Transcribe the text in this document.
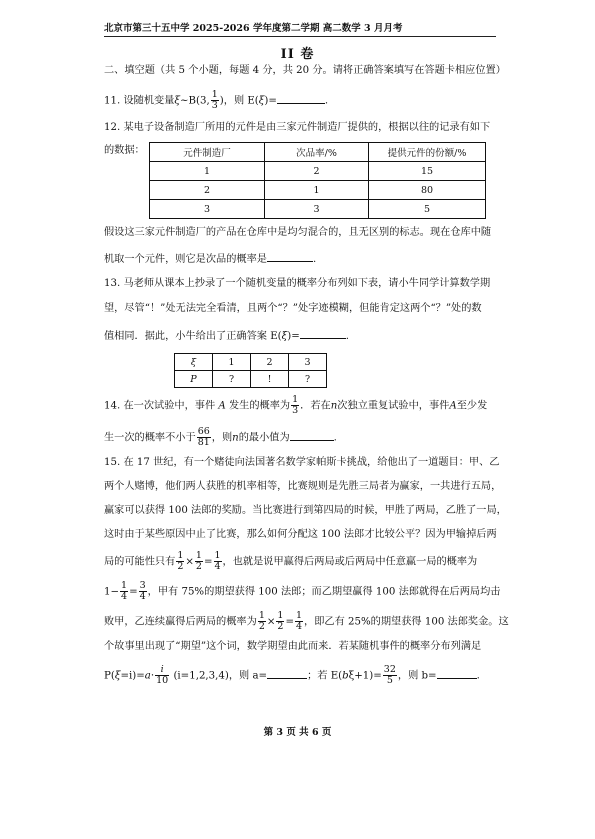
北京市第三十五中学 2025-2026 学年度第二学期 高二数学 3 月月考
II 卷
二、填空题（共 5 个小题，每题 4 分，共 20 分。请将正确答案填写在答题卡相应位置）
11. 设随机变量ξ~B(3, $\frac{1}{3}$ )，则 E(ξ)=	.
12. 某电子设备制造厂所用的元件是由三家元件制造厂提供的，根据以往的记录有如下
的数据：	元件制造厂	次品率/%	提供元件的份额/%
1	2	15
2	1	80
3	3	5
假设这三家元件制造厂的产品在仓库中是均匀混合的，且无区别的标志。现在仓库中随
机取一个元件，则它是次品的概率是	.
13. 马老师从课本上抄录了一个随机变量的概率分布列如下表，请小牛同学计算数学期
望，尽管“！”处无法完全看清，且两个“？”处字迹模糊，但能肯定这两个“？”处的数
值相同．据此，小牛给出了正确答案 E(ξ)=	.
ξ	1	2	3
P	?	!	?
14. 在一次试验中，事件 A 发生的概率为 $\frac{1}{3}$ ．若在n次独立重复试验中，事件A至少发
生一次的概率不小于 $\frac{66}{81}$ ，则n的最小值为	.
15. 在 17 世纪，有一个赌徒向法国著名数学家帕斯卡挑战，给他出了一道题目：甲、乙
两个人赌博，他们两人获胜的机率相等，比赛规则是先胜三局者为赢家，一共进行五局，
赢家可以获得 100 法郎的奖励。当比赛进行到第四局的时候，甲胜了两局，乙胜了一局，
这时由于某些原因中止了比赛，那么如何分配这 100 法郎才比较公平？因为甲输掉后两
局的可能性只有 $\frac{1}{2} \times \frac{1}{2} = \frac{1}{4}$ ，也就是说甲赢得后两局或后两局中任意赢一局的概率为
$1- \frac{1}{4} = \frac{3}{4}$ ，甲有 75%的期望获得 100 法郎；而乙期望赢得 100 法郎就得在后两局均击
败甲，乙连续赢得后两局的概率为 $\frac{1}{2} \times \frac{1}{2} = \frac{1}{4}$ ，即乙有 25%的期望获得 100 法郎奖金。这
个故事里出现了“期望”这个词，数学期望由此而来．若某随机事件的概率分布列满足
$P(\xi=i)=a\cdot \frac{i}{10} (i=1,2,3,4)$，则 a=	；若 $E(b\xi+1)= \frac{32}{5}$ ，则 b=	.
第 3 页 共 6 页
